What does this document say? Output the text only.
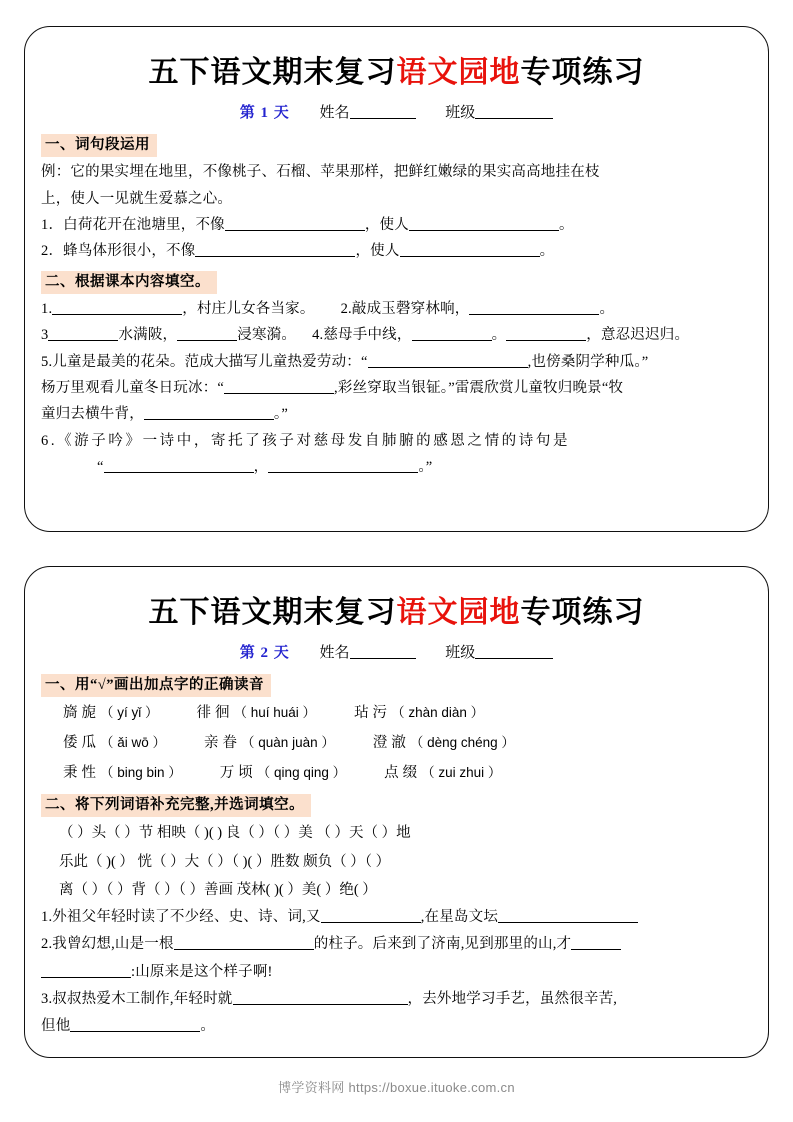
五下语文期末复习语文园地专项练习
第 1 天 姓名	班级
一、词句段运用
例：它的果实埋在地里，不像桃子、石榴、苹果那样，把鲜红嫩绿的果实高高地挂在枝
上，使人一见就生爱慕之心。
1．白荷花开在池塘里，不像	，使人	。
2．蜂鸟体形很小，不像	，使人	。
二、根据课本内容填空。
1.	，村庄儿女各当家。 2.敲成玉磬穿林响，	。
3	水满陂，	浸寒漪。 4.慈母手中线，	。	，意忍迟迟归。
5.儿童是最美的花朵。范成大描写儿童热爱劳动：“	,也傍桑阴学种瓜。”
杨万里观看儿童冬日玩冰：“	,彩丝穿取当银钲。”雷震欣赏儿童牧归晚景“牧
童归去横牛背，	。”
6.《游子吟》一诗中，寄托了孩子对慈母发自肺腑的感恩之情的诗句是
“	，	。”
五下语文期末复习语文园地专项练习
第 2 天 姓名	班级
一、用“√”画出加点字的正确读音
旖旎（ yí yǐ ）	徘徊（ huí huái ）	玷污（ zhàn diàn ）
倭瓜（ ǎi wō ）	亲眷（ quàn juàn ）	澄澈（ dèng chéng ）
秉性（ bing bin ）	万顷（ qing qing ）	点缀（ zui zhui ）
二、将下列词语补充完整,并选词填空。
（ ）头（ ）节 相映（ )( ) 良（ ）（ ）美 （ ）天（ ）地
乐此（ )( ） 恍（ ）大（ ）（ )( ）胜数 颇负（ ）（ ）
离（ ）（ ）背（ ）（ ）善画 茂林( )( ）美( ）绝( ）
1.外祖父年轻时读了不少经、史、诗、词,又	,在星岛文坛
2.我曾幻想,山是一根	的柱子。后来到了济南,见到那里的山,才
:山原来是这个样子啊!
3.叔叔热爱木工制作,年轻时就	，去外地学习手艺，虽然很辛苦,
但他	。
博学资料网 https://boxue.ituoke.com.cn
